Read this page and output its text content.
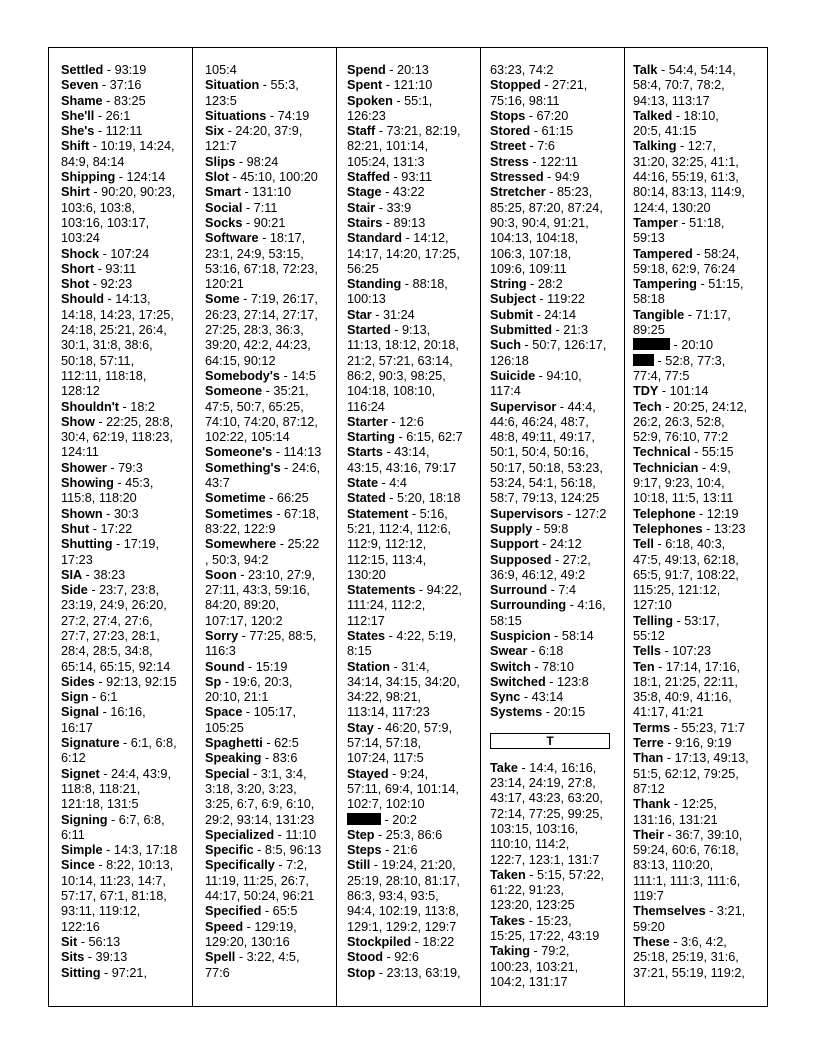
Settled - 93:19
Seven - 37:16
Shame - 83:25
She'll - 26:1
She's - 112:11
Shift - 10:19, 14:24,
84:9, 84:14
Shipping - 124:14
Shirt - 90:20, 90:23,
103:6, 103:8,
103:16, 103:17,
103:24
Shock - 107:24
Short - 93:11
Shot - 92:23
Should - 14:13,
14:18, 14:23, 17:25,
24:18, 25:21, 26:4,
30:1, 31:8, 38:6,
50:18, 57:11,
112:11, 118:18,
128:12
Shouldn't - 18:2
Show - 22:25, 28:8,
30:4, 62:19, 118:23,
124:11
Shower - 79:3
Showing - 45:3,
115:8, 118:20
Shown - 30:3
Shut - 17:22
Shutting - 17:19,
17:23
SIA - 38:23
Side - 23:7, 23:8,
23:19, 24:9, 26:20,
27:2, 27:4, 27:6,
27:7, 27:23, 28:1,
28:4, 28:5, 34:8,
65:14, 65:15, 92:14
Sides - 92:13, 92:15
Sign - 6:1
Signal - 16:16,
16:17
Signature - 6:1, 6:8,
6:12
Signet - 24:4, 43:9,
118:8, 118:21,
121:18, 131:5
Signing - 6:7, 6:8,
6:11
Simple - 14:3, 17:18
Since - 8:22, 10:13,
10:14, 11:23, 14:7,
57:17, 67:1, 81:18,
93:11, 119:12,
122:16
Sit - 56:13
Sits - 39:13
Sitting - 97:21,
105:4
Situation - 55:3,
123:5
Situations - 74:19
Six - 24:20, 37:9,
121:7
Slips - 98:24
Slot - 45:10, 100:20
Smart - 131:10
Social - 7:11
Socks - 90:21
Software - 18:17,
23:1, 24:9, 53:15,
53:16, 67:18, 72:23,
120:21
Some - 7:19, 26:17,
26:23, 27:14, 27:17,
27:25, 28:3, 36:3,
39:20, 42:2, 44:23,
64:15, 90:12
Somebody's - 14:5
Someone - 35:21,
47:5, 50:7, 65:25,
74:10, 74:20, 87:12,
102:22, 105:14
Someone's - 114:13
Something's - 24:6,
43:7
Sometime - 66:25
Sometimes - 67:18,
83:22, 122:9
Somewhere - 25:22
, 50:3, 94:2
Soon - 23:10, 27:9,
27:11, 43:3, 59:16,
84:20, 89:20,
107:17, 120:2
Sorry - 77:25, 88:5,
116:3
Sound - 15:19
Sp - 19:6, 20:3,
20:10, 21:1
Space - 105:17,
105:25
Spaghetti - 62:5
Speaking - 83:6
Special - 3:1, 3:4,
3:18, 3:20, 3:23,
3:25, 6:7, 6:9, 6:10,
29:2, 93:14, 131:23
Specialized - 11:10
Specific - 8:5, 96:13
Specifically - 7:2,
11:19, 11:25, 26:7,
44:17, 50:24, 96:21
Specified - 65:5
Speed - 129:19,
129:20, 130:16
Spell - 3:22, 4:5,
77:6
Spend - 20:13
Spent - 121:10
Spoken - 55:1,
126:23
Staff - 73:21, 82:19,
82:21, 101:14,
105:24, 131:3
Staffed - 93:11
Stage - 43:22
Stair - 33:9
Stairs - 89:13
Standard - 14:12,
14:17, 14:20, 17:25,
56:25
Standing - 88:18,
100:13
Star - 31:24
Started - 9:13,
11:13, 18:12, 20:18,
21:2, 57:21, 63:14,
86:2, 90:3, 98:25,
104:18, 108:10,
116:24
Starter - 12:6
Starting - 6:15, 62:7
Starts - 43:14,
43:15, 43:16, 79:17
State - 4:4
Stated - 5:20, 18:18
Statement - 5:16,
5:21, 112:4, 112:6,
112:9, 112:12,
112:15, 113:4,
130:20
Statements - 94:22,
111:24, 112:2,
112:17
States - 4:22, 5:19,
8:15
Station - 31:4,
34:14, 34:15, 34:20,
34:22, 98:21,
113:14, 117:23
Stay - 46:20, 57:9,
57:14, 57:18,
107:24, 117:5
Stayed - 9:24,
57:11, 69:4, 101:14,
102:7, 102:10
- 20:2
Step - 25:3, 86:6
Steps - 21:6
Still - 19:24, 21:20,
25:19, 28:10, 81:17,
86:3, 93:4, 93:5,
94:4, 102:19, 113:8,
129:1, 129:2, 129:7
Stockpiled - 18:22
Stood - 92:6
Stop - 23:13, 63:19,
63:23, 74:2
Stopped - 27:21,
75:16, 98:11
Stops - 67:20
Stored - 61:15
Street - 7:6
Stress - 122:11
Stressed - 94:9
Stretcher - 85:23,
85:25, 87:20, 87:24,
90:3, 90:4, 91:21,
104:13, 104:18,
106:3, 107:18,
109:6, 109:11
String - 28:2
Subject - 119:22
Submit - 24:14
Submitted - 21:3
Such - 50:7, 126:17,
126:18
Suicide - 94:10,
117:4
Supervisor - 44:4,
44:6, 46:24, 48:7,
48:8, 49:11, 49:17,
50:1, 50:4, 50:16,
50:17, 50:18, 53:23,
53:24, 54:1, 56:18,
58:7, 79:13, 124:25
Supervisors - 127:2
Supply - 59:8
Support - 24:12
Supposed - 27:2,
36:9, 46:12, 49:2
Surround - 7:4
Surrounding - 4:16,
58:15
Suspicion - 58:14
Swear - 6:18
Switch - 78:10
Switched - 123:8
Sync - 43:14
Systems - 20:15
T
Take - 14:4, 16:16,
23:14, 24:19, 27:8,
43:17, 43:23, 63:20,
72:14, 77:25, 99:25,
103:15, 103:16,
110:10, 114:2,
122:7, 123:1, 131:7
Taken - 5:15, 57:22,
61:22, 91:23,
123:20, 123:25
Takes - 15:23,
15:25, 17:22, 43:19
Taking - 79:2,
100:23, 103:21,
104:2, 131:17
Talk - 54:4, 54:14,
58:4, 70:7, 78:2,
94:13, 113:17
Talked - 18:10,
20:5, 41:15
Talking - 12:7,
31:20, 32:25, 41:1,
44:16, 55:19, 61:3,
80:14, 83:13, 114:9,
124:4, 130:20
Tamper - 51:18,
59:13
Tampered - 58:24,
59:18, 62:9, 76:24
Tampering - 51:15,
58:18
Tangible - 71:17,
89:25
- 20:10
- 52:8, 77:3,
77:4, 77:5
TDY - 101:14
Tech - 20:25, 24:12,
26:2, 26:3, 52:8,
52:9, 76:10, 77:2
Technical - 55:15
Technician - 4:9,
9:17, 9:23, 10:4,
10:18, 11:5, 13:11
Telephone - 12:19
Telephones - 13:23
Tell - 6:18, 40:3,
47:5, 49:13, 62:18,
65:5, 91:7, 108:22,
115:25, 121:12,
127:10
Telling - 53:17,
55:12
Tells - 107:23
Ten - 17:14, 17:16,
18:1, 21:25, 22:11,
35:8, 40:9, 41:16,
41:17, 41:21
Terms - 55:23, 71:7
Terre - 9:16, 9:19
Than - 17:13, 49:13,
51:5, 62:12, 79:25,
87:12
Thank - 12:25,
131:16, 131:21
Their - 36:7, 39:10,
59:24, 60:6, 76:18,
83:13, 110:20,
111:1, 111:3, 111:6,
119:7
Themselves - 3:21,
59:20
These - 3:6, 4:2,
25:18, 25:19, 31:6,
37:21, 55:19, 119:2,
